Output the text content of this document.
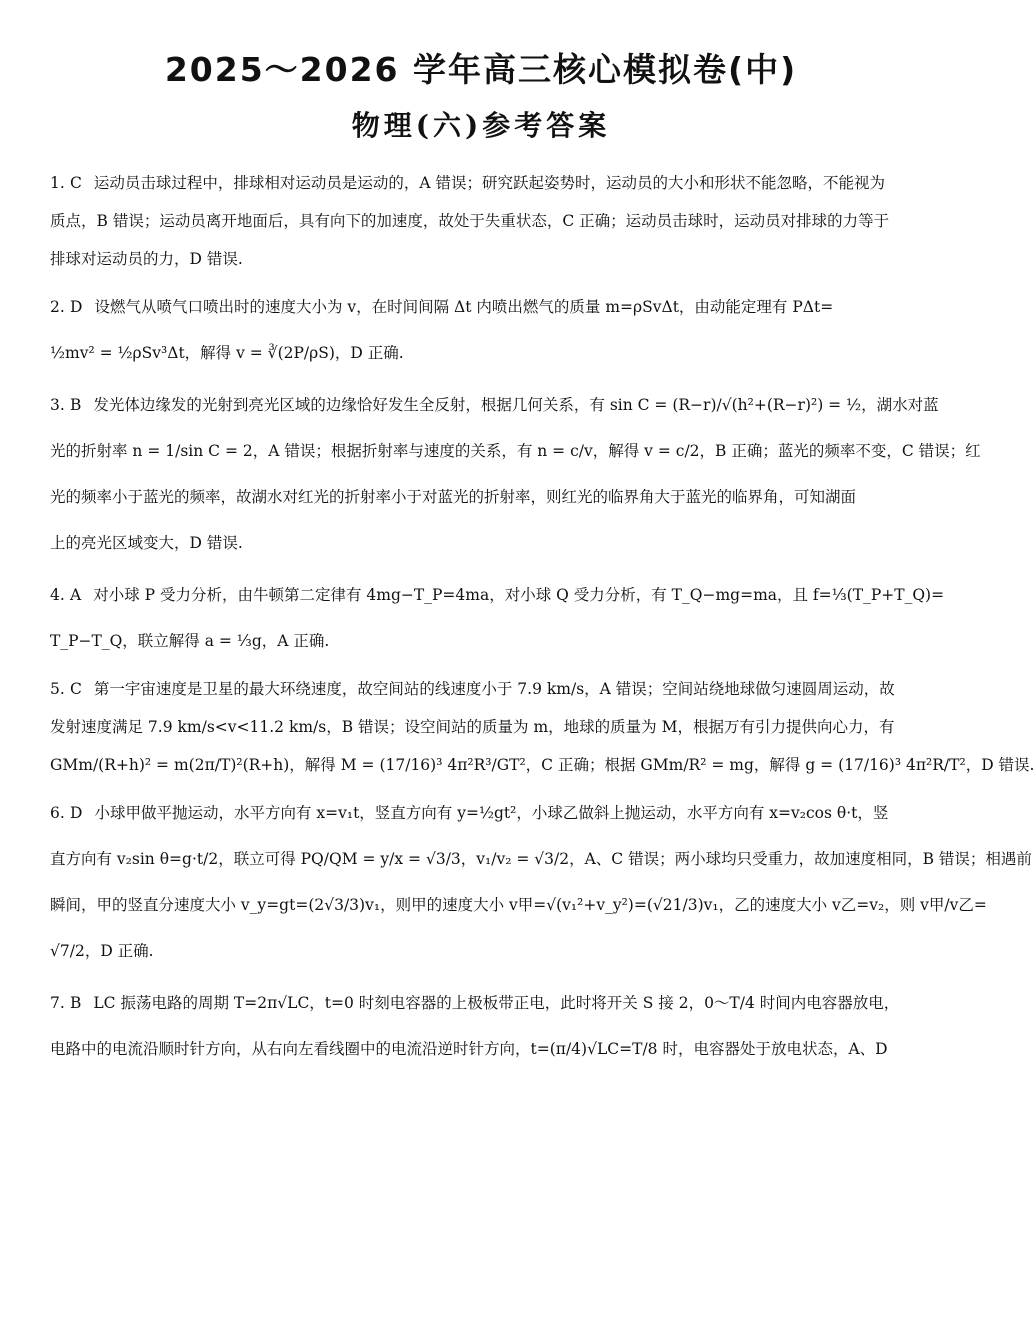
2025～2026 学年高三核心模拟卷(中)
物理(六)参考答案
1. C 运动员击球过程中，排球相对运动员是运动的，A 错误；研究跃起姿势时，运动员的大小和形状不能忽略，不能视为
质点，B 错误；运动员离开地面后，具有向下的加速度，故处于失重状态，C 正确；运动员击球时，运动员对排球的力等于
排球对运动员的力，D 错误.
2. D 设燃气从喷气口喷出时的速度大小为 v，在时间间隔 Δt 内喷出燃气的质量 m=ρSvΔt，由动能定理有 PΔt=
½mv² = ½ρSv³Δt，解得 v = ∛(2P/ρS)，D 正确.
3. B 发光体边缘发的光射到亮光区域的边缘恰好发生全反射，根据几何关系，有 sin C = (R−r)/√(h²+(R−r)²) = ½，湖水对蓝
光的折射率 n = 1/sin C = 2，A 错误；根据折射率与速度的关系，有 n = c/v，解得 v = c/2，B 正确；蓝光的频率不变，C 错误；红
光的频率小于蓝光的频率，故湖水对红光的折射率小于对蓝光的折射率，则红光的临界角大于蓝光的临界角，可知湖面
上的亮光区域变大，D 错误.
4. A 对小球 P 受力分析，由牛顿第二定律有 4mg−T_P=4ma，对小球 Q 受力分析，有 T_Q−mg=ma，且 f=⅓(T_P+T_Q)=
T_P−T_Q，联立解得 a = ⅓g，A 正确.
5. C 第一宇宙速度是卫星的最大环绕速度，故空间站的线速度小于 7.9 km/s，A 错误；空间站绕地球做匀速圆周运动，故
发射速度满足 7.9 km/s<v<11.2 km/s，B 错误；设空间站的质量为 m，地球的质量为 M，根据万有引力提供向心力，有
GMm/(R+h)² = m(2π/T)²(R+h)，解得 M = (17/16)³ 4π²R³/GT²，C 正确；根据 GMm/R² = mg，解得 g = (17/16)³ 4π²R/T²，D 错误.
6. D 小球甲做平抛运动，水平方向有 x=v₁t，竖直方向有 y=½gt²，小球乙做斜上抛运动，水平方向有 x=v₂cos θ·t，竖
直方向有 v₂sin θ=g·t/2，联立可得 PQ/QM = y/x = √3/3，v₁/v₂ = √3/2，A、C 错误；两小球均只受重力，故加速度相同，B 错误；相遇前
瞬间，甲的竖直分速度大小 v_y=gt=(2√3/3)v₁，则甲的速度大小 v甲=√(v₁²+v_y²)=(√21/3)v₁，乙的速度大小 v乙=v₂，则 v甲/v乙=
√7/2，D 正确.
7. B LC 振荡电路的周期 T=2π√LC，t=0 时刻电容器的上极板带正电，此时将开关 S 接 2，0～T/4 时间内电容器放电，
电路中的电流沿顺时针方向，从右向左看线圈中的电流沿逆时针方向，t=(π/4)√LC=T/8 时，电容器处于放电状态，A、D
